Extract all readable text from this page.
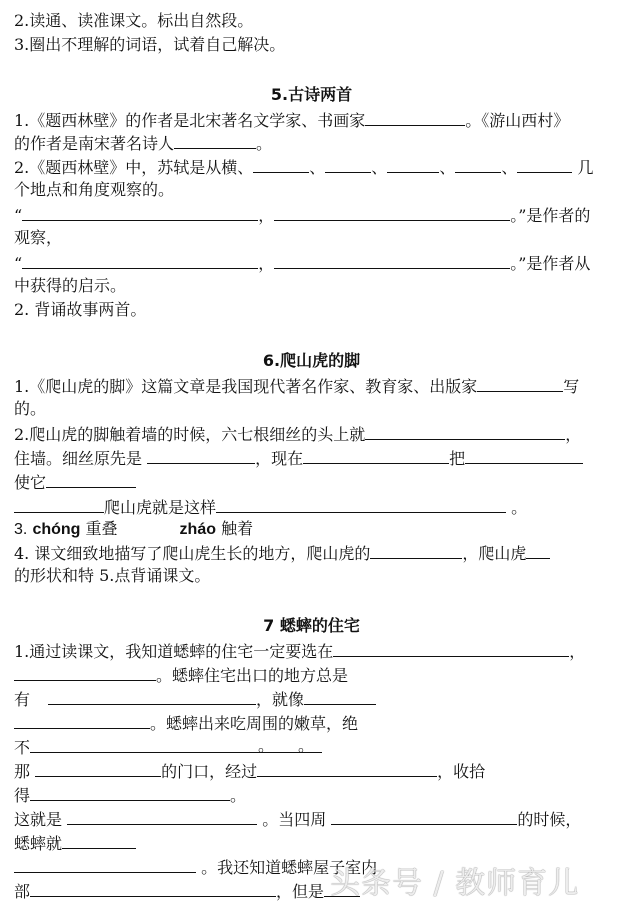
2.读通、读准课文。标出自然段。
3.圈出不理解的词语，试着自己解决。
5.古诗两首
1.《题西林壁》的作者是北宋著名文学家、书画家	。《游山西村》
的作者是南宋著名诗人	。
2.《题西林壁》中，苏轼是从横、	、	、	、	、	几
个地点和角度观察的。
“	，	。”是作者的
观察，
“	，	。”是作者从
中获得的启示。
2. 背诵故事两首。
6.爬山虎的脚
1.《爬山虎的脚》这篇文章是我国现代著名作家、教育家、出版家	写
的。
2.爬山虎的脚触着墙的时候，六七根细丝的头上就	，
住墙。细丝原先是	，现在	把
使它
爬山虎就是这样	。
3. chóng 重叠	zháo 触着
4. 课文细致地描写了爬山虎生长的地方，爬山虎的	，爬山虎
的形状和特 5.点背诵课文。
7 蟋蟀的住宅
1.通过读课文，我知道蟋蟀的住宅一定要选在	，
。蟋蟀住宅出口的地方总是
有	，就像
。蟋蟀出来吃周围的嫩草，绝
不	。 。
那	的门口，经过	，收拾
得	。
这就是	。当四周	的时候，
蟋蟀就
。我还知道蟋蟀屋子室内
部	，但是 头条号 / 教师育儿
